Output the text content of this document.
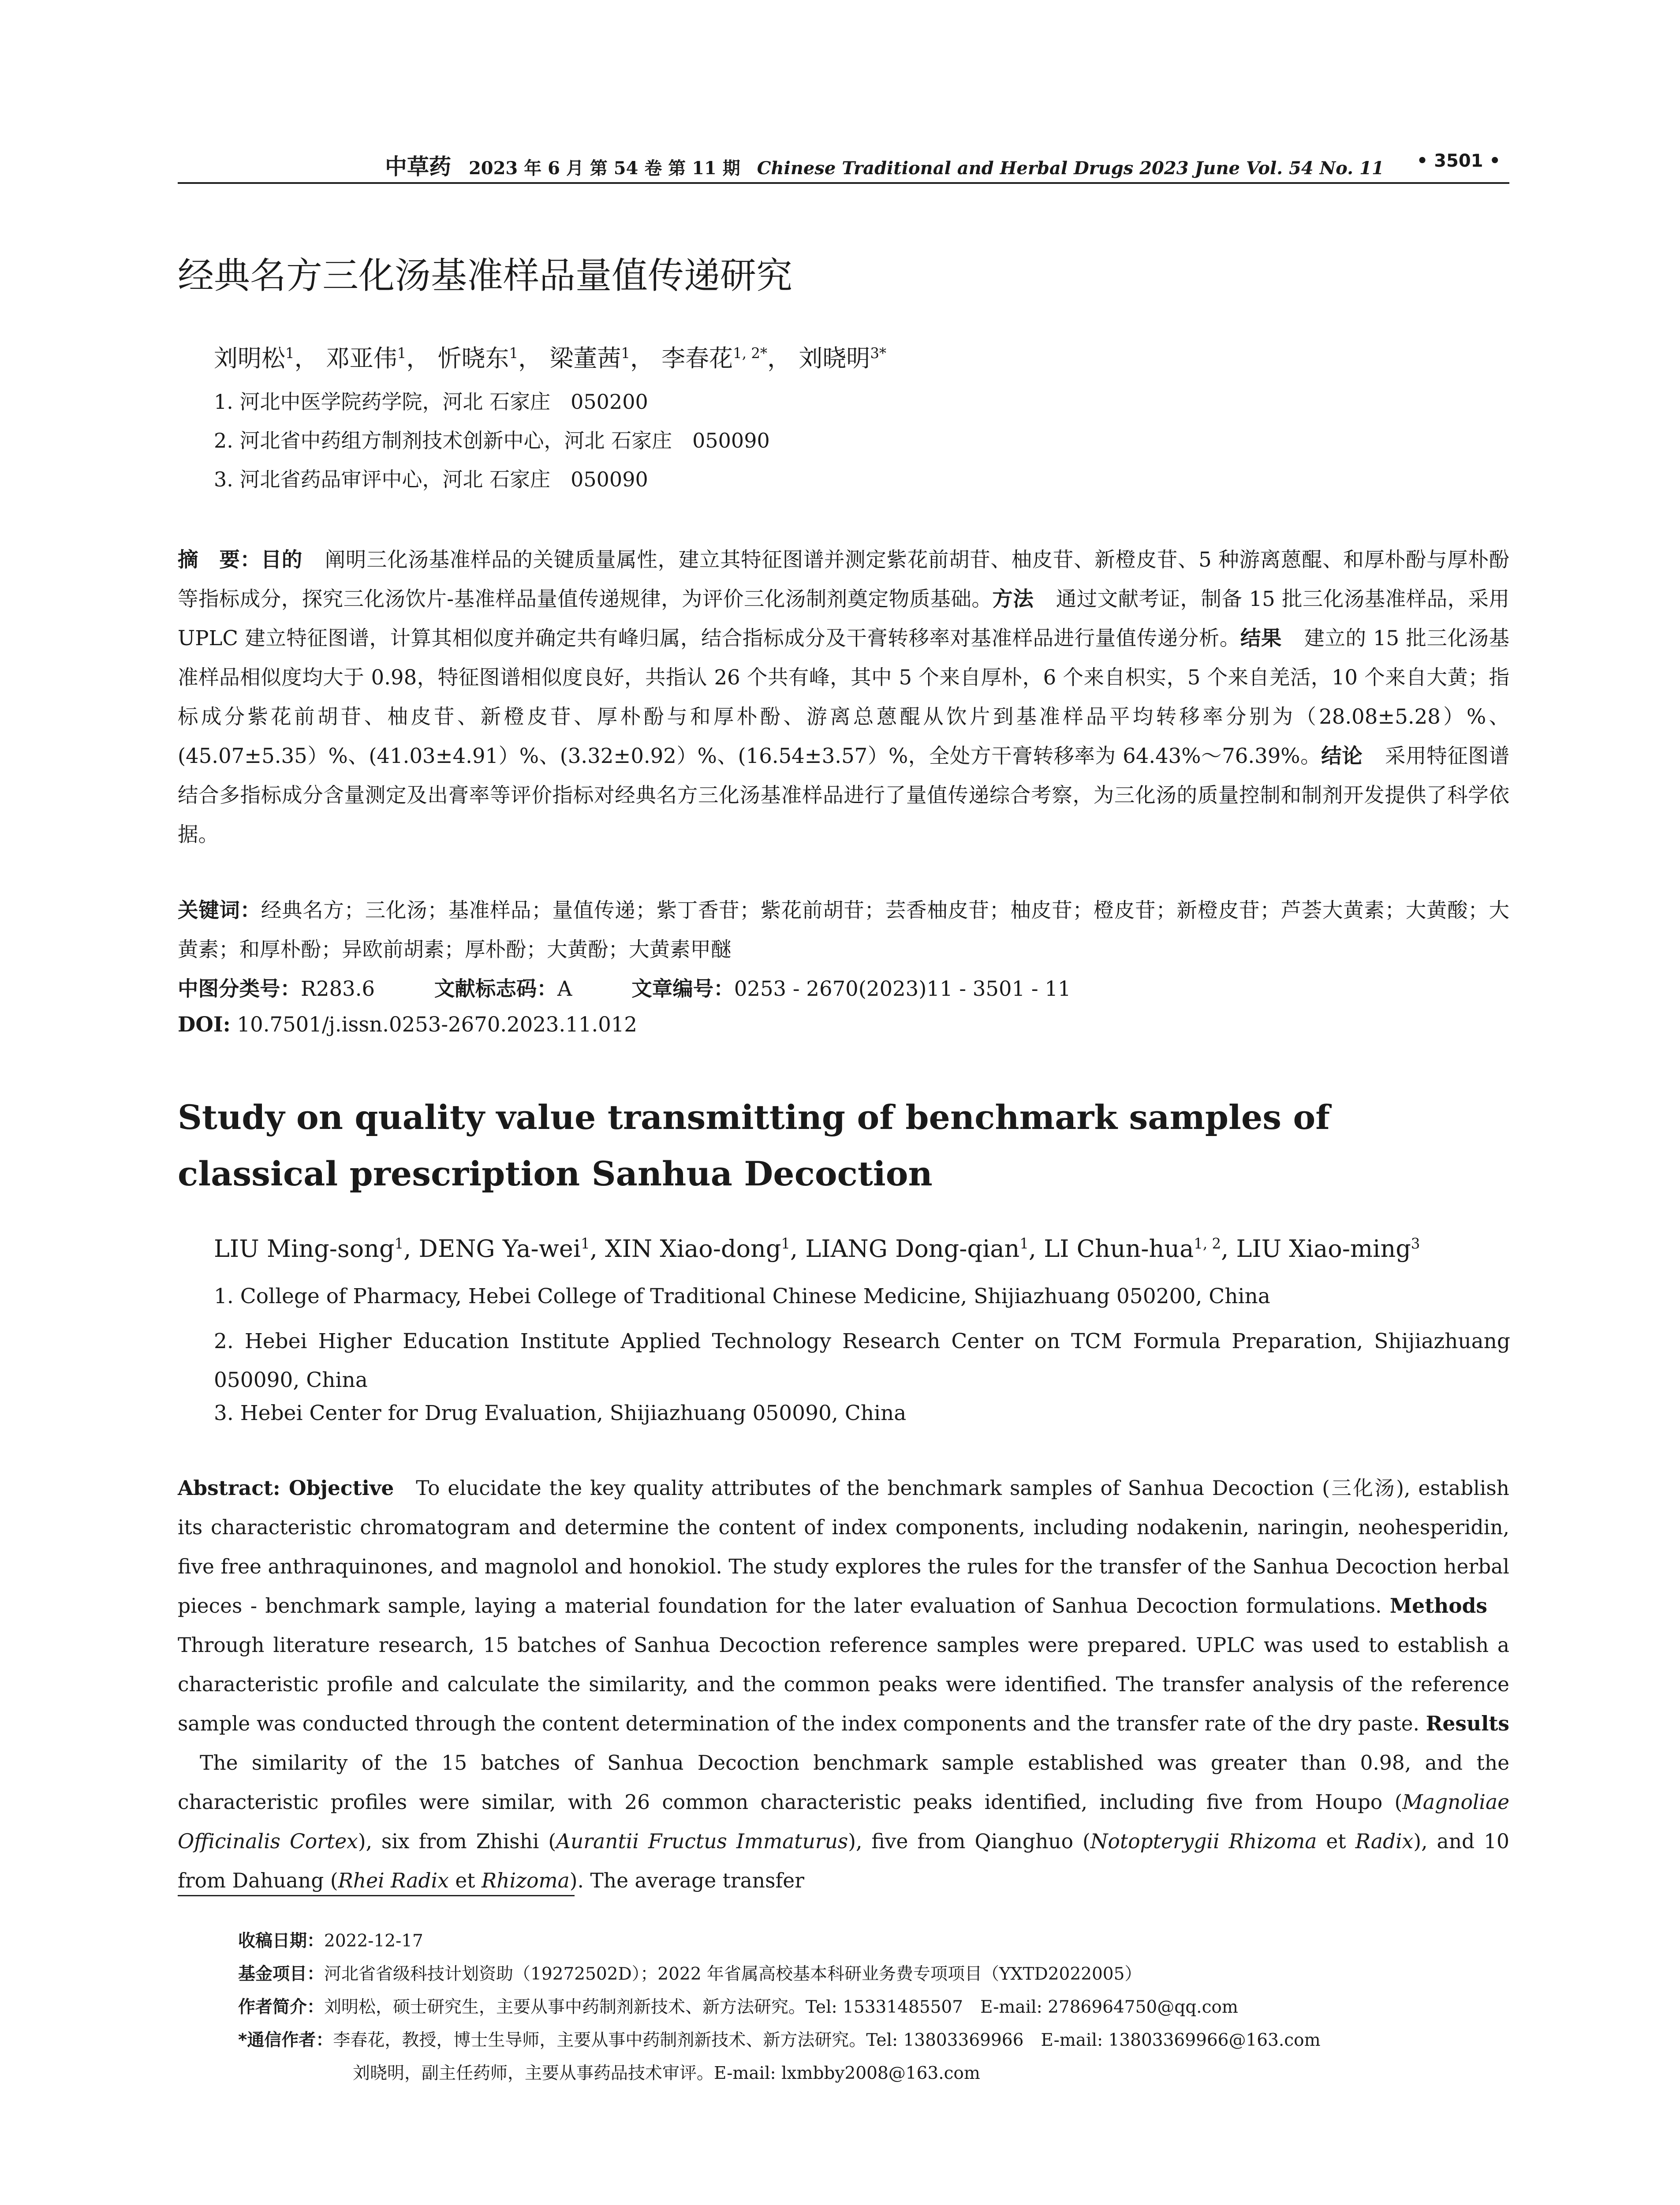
中草药 2023 年 6 月 第 54 卷 第 11 期 Chinese Traditional and Herbal Drugs 2023 June Vol. 54 No. 11 • 3501 •
经典名方三化汤基准样品量值传递研究
刘明松$^1$， 邓亚伟$^1$， 忻晓东$^1$， 梁董茜$^1$， 李春花$^{1, 2*}$， 刘晓明$^{3*}$
1. 河北中医学院药学院，河北 石家庄　050200
2. 河北省中药组方制剂技术创新中心，河北 石家庄　050090
3. 河北省药品审评中心，河北 石家庄　050090
摘　要：目的 阐明三化汤基准样品的关键质量属性，建立其特征图谱并测定紫花前胡苷、柚皮苷、新橙皮苷、5 种游离蒽醌、和厚朴酚与厚朴酚等指标成分，探究三化汤饮片-基准样品量值传递规律，为评价三化汤制剂奠定物质基础。方法 通过文献考证，制备 15 批三化汤基准样品，采用 UPLC 建立特征图谱，计算其相似度并确定共有峰归属，结合指标成分及干膏转移率对基准样品进行量值传递分析。结果 建立的 15 批三化汤基准样品相似度均大于 0.98，特征图谱相似度良好，共指认 26 个共有峰，其中 5 个来自厚朴，6 个来自枳实，5 个来自羌活，10 个来自大黄；指标成分紫花前胡苷、柚皮苷、新橙皮苷、厚朴酚与和厚朴酚、游离总蒽醌从饮片到基准样品平均转移率分别为（28.08±5.28）%、(45.07±5.35）%、(41.03±4.91）%、(3.32±0.92）%、(16.54±3.57）%，全处方干膏转移率为 64.43%～76.39%。结论 采用特征图谱结合多指标成分含量测定及出膏率等评价指标对经典名方三化汤基准样品进行了量值传递综合考察，为三化汤的质量控制和制剂开发提供了科学依据。
关键词：经典名方；三化汤；基准样品；量值传递；紫丁香苷；紫花前胡苷；芸香柚皮苷；柚皮苷；橙皮苷；新橙皮苷；芦荟大黄素；大黄酸；大黄素；和厚朴酚；异欧前胡素；厚朴酚；大黄酚；大黄素甲醚
中图分类号：R283.6	文献标志码：A	文章编号：0253 - 2670(2023)11 - 3501 - 11
DOI: 10.7501/j.issn.0253-2670.2023.11.012
Study on quality value transmitting of benchmark samples of classical prescription Sanhua Decoction
LIU Ming-song$^1$, DENG Ya-wei$^1$, XIN Xiao-dong$^1$, LIANG Dong-qian$^1$, LI Chun-hua$^{1, 2}$, LIU Xiao-ming$^3$
1. College of Pharmacy, Hebei College of Traditional Chinese Medicine, Shijiazhuang 050200, China
2. Hebei Higher Education Institute Applied Technology Research Center on TCM Formula Preparation, Shijiazhuang 050090, China
3. Hebei Center for Drug Evaluation, Shijiazhuang 050090, China
Abstract: Objective To elucidate the key quality attributes of the benchmark samples of Sanhua Decoction (三化汤), establish its characteristic chromatogram and determine the content of index components, including nodakenin, naringin, neohesperidin, five free anthraquinones, and magnolol and honokiol. The study explores the rules for the transfer of the Sanhua Decoction herbal pieces - benchmark sample, laying a material foundation for the later evaluation of Sanhua Decoction formulations. MethodsThrough literature research, 15 batches of Sanhua Decoction reference samples were prepared. UPLC was used to establish a characteristic profile and calculate the similarity, and the common peaks were identified. The transfer analysis of the reference sample was conducted through the content determination of the index components and the transfer rate of the dry paste. ResultsThe similarity of the 15 batches of Sanhua Decoction benchmark sample established was greater than 0.98, and the characteristic profiles were similar, with 26 common characteristic peaks identified, including five from Houpo (Magnoliae Officinalis Cortex), six from Zhishi (Aurantii Fructus Immaturus), five from Qianghuo (Notopterygii Rhizoma et Radix), and 10 from Dahuang (Rhei Radix et Rhizoma). The average transfer
收稿日期：2022-12-17
基金项目：河北省省级科技计划资助（19272502D）；2022 年省属高校基本科研业务费专项项目（YXTD2022005）
作者简介：刘明松，硕士研究生，主要从事中药制剂新技术、新方法研究。Tel: 15331485507　E-mail: 2786964750@qq.com
*通信作者：李春花，教授，博士生导师，主要从事中药制剂新技术、新方法研究。Tel: 13803369966　E-mail: 13803369966@163.com
刘晓明，副主任药师，主要从事药品技术审评。E-mail: lxmbby2008@163.com
